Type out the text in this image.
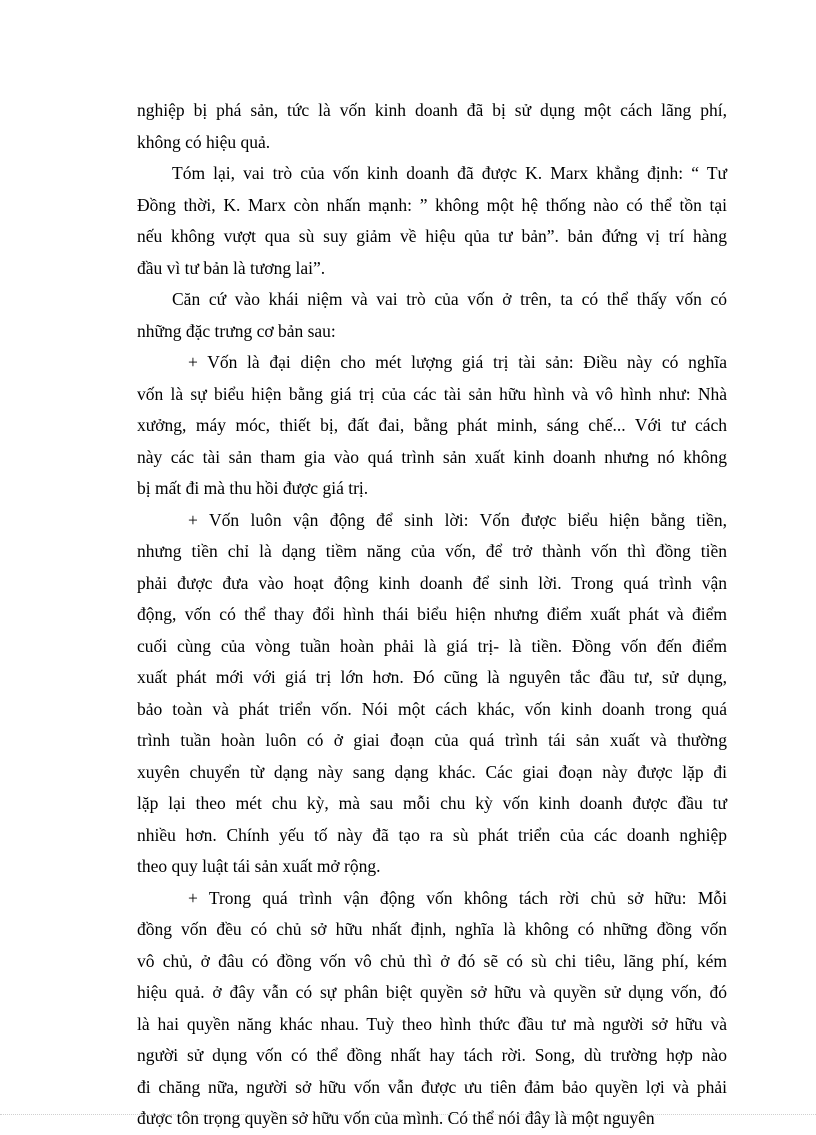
nghiệp bị phá sản, tức là vốn kinh doanh đã bị sử dụng một cách lãng phí,
không có hiệu quả.
Tóm lại, vai trò của vốn kinh doanh đã được K. Marx khẳng định: “ Tư
Đồng thời, K. Marx còn nhấn mạnh: ” không một hệ thống nào có thể tồn tại
nếu không vượt qua sù suy giảm về hiệu qủa tư bản”. bản đứng vị trí hàng
đầu vì tư bản là tương lai”.
Căn cứ vào khái niệm và vai trò của vốn ở trên, ta có thể thấy vốn có
những đặc trưng cơ bản sau:
+ Vốn là đại diện cho mét lượng giá trị tài sản: Điều này có nghĩa
vốn là sự biểu hiện bằng giá trị của các tài sản hữu hình và vô hình như: Nhà
xưởng, máy móc, thiết bị, đất đai, bằng phát minh, sáng chế... Với tư cách
này các tài sản tham gia vào quá trình sản xuất kinh doanh nhưng nó không
bị mất đi mà thu hồi được giá trị.
+ Vốn luôn vận động để sinh lời: Vốn được biểu hiện bằng tiền,
nhưng tiền chỉ là dạng tiềm năng của vốn, để trở thành vốn thì đồng tiền
phải được đưa vào hoạt động kinh doanh để sinh lời. Trong quá trình vận
động, vốn có thể thay đổi hình thái biểu hiện nhưng điểm xuất phát và điểm
cuối cùng của vòng tuần hoàn phải là giá trị- là tiền. Đồng vốn đến điểm
xuất phát mới với giá trị lớn hơn. Đó cũng là nguyên tắc đầu tư, sử dụng,
bảo toàn và phát triển vốn. Nói một cách khác, vốn kinh doanh trong quá
trình tuần hoàn luôn có ở giai đoạn của quá trình tái sản xuất và thường
xuyên chuyển từ dạng này sang dạng khác. Các giai đoạn này được lặp đi
lặp lại theo mét chu kỳ, mà sau mỗi chu kỳ vốn kinh doanh được đầu tư
nhiều hơn. Chính yếu tố này đã tạo ra sù phát triển của các doanh nghiệp
theo quy luật tái sản xuất mở rộng.
+ Trong quá trình vận động vốn không tách rời chủ sở hữu: Mỗi
đồng vốn đều có chủ sở hữu nhất định, nghĩa là không có những đồng vốn
vô chủ, ở đâu có đồng vốn vô chủ thì ở đó sẽ có sù chi tiêu, lãng phí, kém
hiệu quả. ở đây vẫn có sự phân biệt quyền sở hữu và quyền sử dụng vốn, đó
là hai quyền năng khác nhau. Tuỳ theo hình thức đầu tư mà người sở hữu và
người sử dụng vốn có thể đồng nhất hay tách rời. Song, dù trường hợp nào
đi chăng nữa, người sở hữu vốn vẫn được ưu tiên đảm bảo quyền lợi và phải
được tôn trọng quyền sở hữu vốn của mình. Có thể nói đây là một nguyên
